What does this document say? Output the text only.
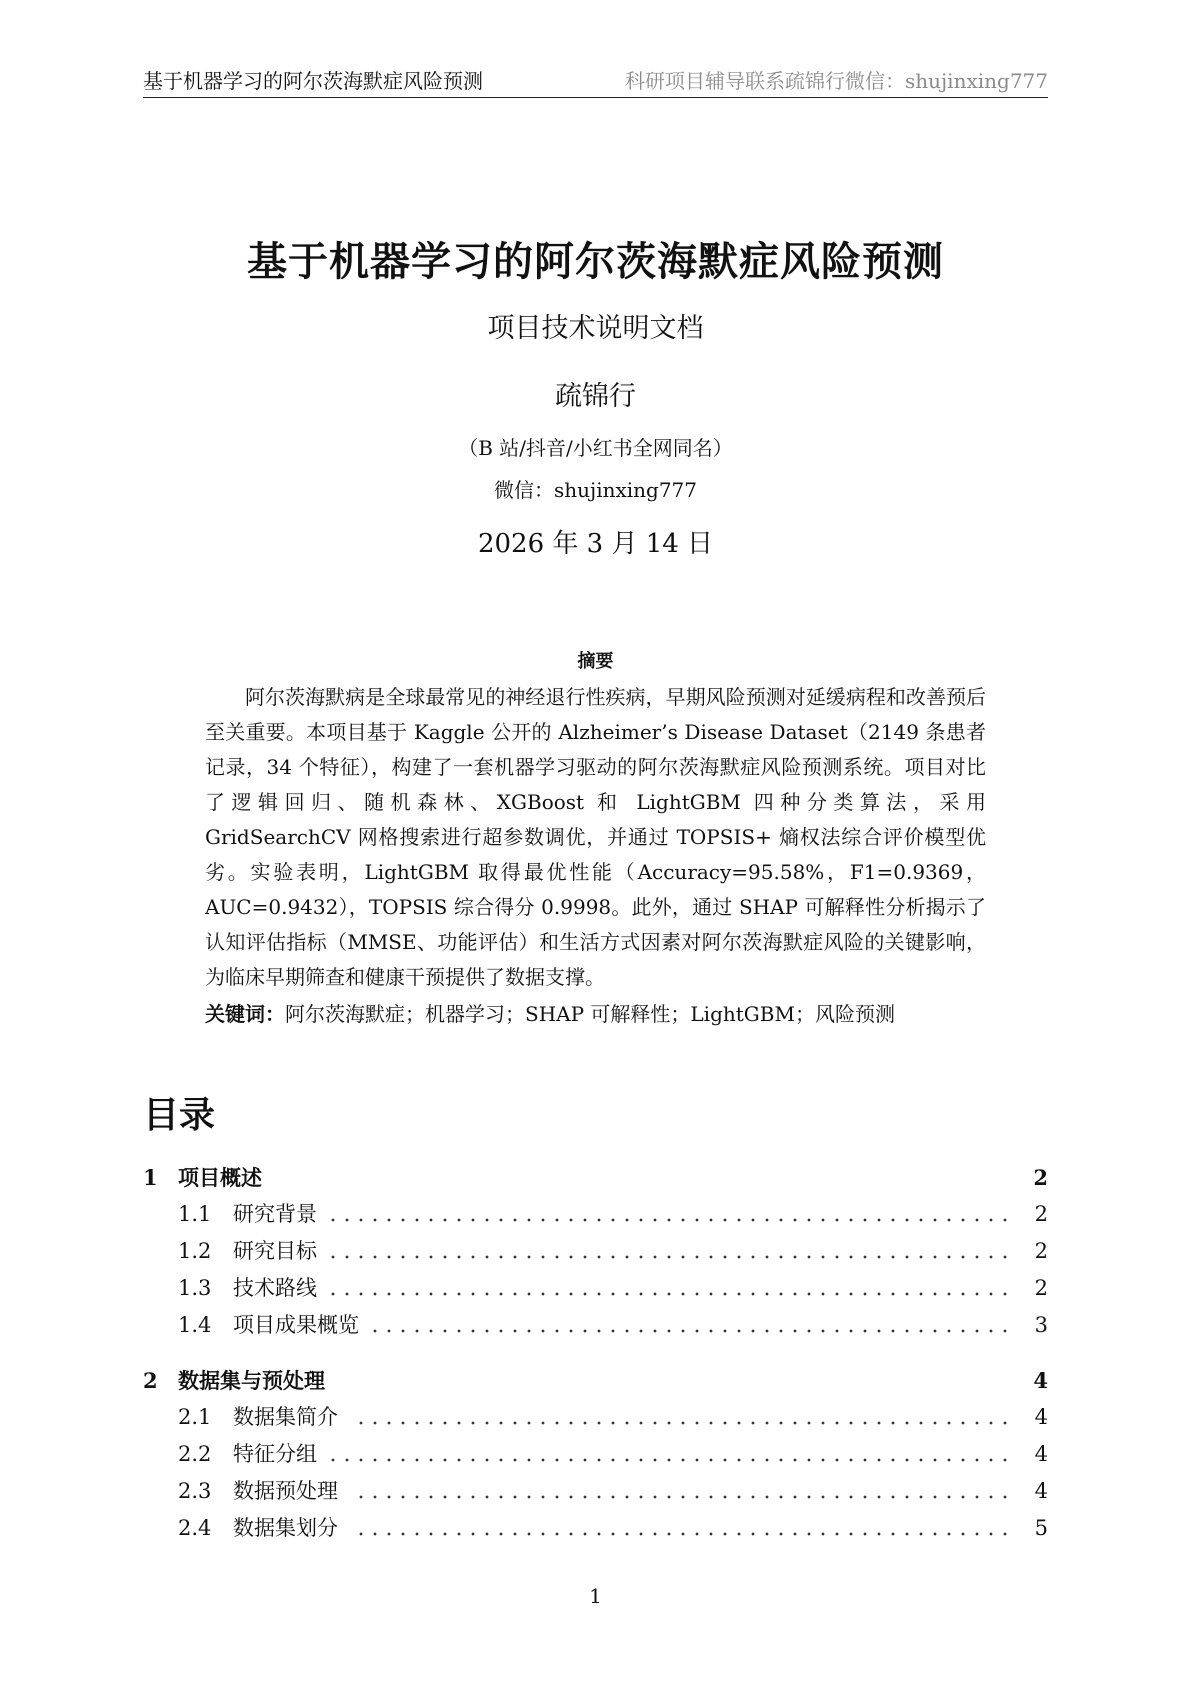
基于机器学习的阿尔茨海默症风险预测	科研项目辅导联系疏锦行微信：shujinxing777
基于机器学习的阿尔茨海默症风险预测
项目技术说明文档
疏锦行
（B 站/抖音/小红书全网同名）
微信：shujinxing777
2026 年 3 月 14 日
摘要

阿尔茨海默病是全球最常见的神经退行性疾病，早期风险预测对延缓病程和改善预后至关重要。本项目基于 Kaggle 公开的 Alzheimer’s Disease Dataset（2149 条患者记录，34 个特征），构建了一套机器学习驱动的阿尔茨海默症风险预测系统。项目对比了逻辑回归、随机森林、XGBoost 和 LightGBM 四种分类算法，采用 GridSearchCV 网格搜索进行超参数调优，并通过 TOPSIS+ 熵权法综合评价模型优劣。实验表明，LightGBM 取得最优性能（Accuracy=95.58%，F1=0.9369，AUC=0.9432），TOPSIS 综合得分 0.9998。此外，通过 SHAP 可解释性分析揭示了认知评估指标（MMSE、功能评估）和生活方式因素对阿尔茨海默症风险的关键影响，为临床早期筛查和健康干预提供了数据支撑。

关键词：阿尔茨海默症；机器学习；SHAP 可解释性；LightGBM；风险预测
目录
1 项目概述	2
1.1	研究背景	2
1.2	研究目标	2
1.3	技术路线	2
1.4	项目成果概览	3
2 数据集与预处理	4
2.1	数据集简介	4
2.2	特征分组	4
2.3	数据预处理	4
2.4	数据集划分	5
1
